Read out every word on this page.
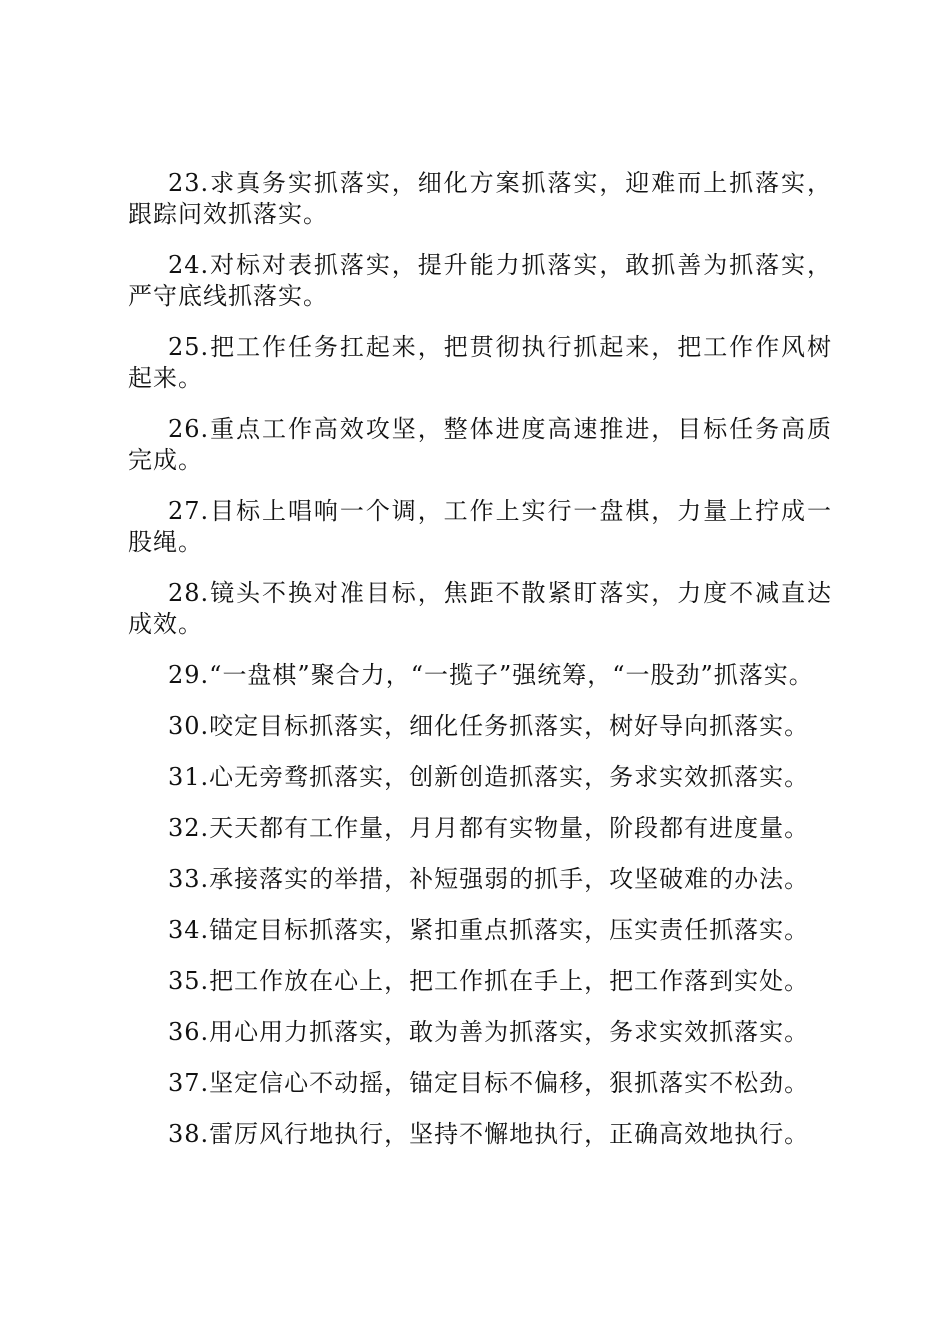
23.求真务实抓落实，细化方案抓落实，迎难而上抓落实，跟踪问效抓落实。

24.对标对表抓落实，提升能力抓落实，敢抓善为抓落实，严守底线抓落实。

25.把工作任务扛起来，把贯彻执行抓起来，把工作作风树起来。

26.重点工作高效攻坚，整体进度高速推进，目标任务高质完成。

27.目标上唱响一个调，工作上实行一盘棋，力量上拧成一股绳。

28.镜头不换对准目标，焦距不散紧盯落实，力度不减直达成效。

29.“一盘棋”聚合力，“一揽子”强统筹，“一股劲”抓落实。

30.咬定目标抓落实，细化任务抓落实，树好导向抓落实。

31.心无旁骛抓落实，创新创造抓落实，务求实效抓落实。

32.天天都有工作量，月月都有实物量，阶段都有进度量。

33.承接落实的举措，补短强弱的抓手，攻坚破难的办法。

34.锚定目标抓落实，紧扣重点抓落实，压实责任抓落实。

35.把工作放在心上，把工作抓在手上，把工作落到实处。

36.用心用力抓落实，敢为善为抓落实，务求实效抓落实。

37.坚定信心不动摇，锚定目标不偏移，狠抓落实不松劲。

38.雷厉风行地执行，坚持不懈地执行，正确高效地执行。
